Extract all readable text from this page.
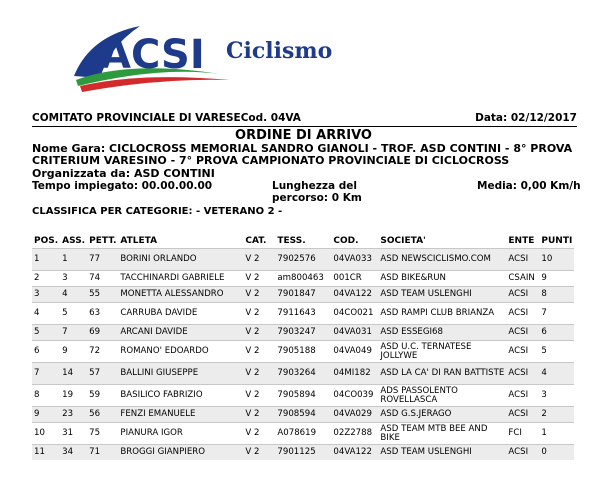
ACSI Ciclismo
COMITATO PROVINCIALE DI VARESECod. 04VA	Data: 02/12/2017
ORDINE DI ARRIVO
Nome Gara: CICLOCROSS MEMORIAL SANDRO GIANOLI - TROF. ASD CONTINI - 8° PROVA CRITERIUM VARESINO - 7° PROVA CAMPIONATO PROVINCIALE DI CICLOCROSS
Organizzata da: ASD CONTINI
Tempo impiegato: 00.00.00.00	Lunghezza del percorso: 0 Km
Media: 0,00 Km/h
CLASSIFICA PER CATEGORIE: - VETERANO 2 -
POS.	ASS.	PETT.	ATLETA	CAT.	TESS.	COD.	SOCIETA'	ENTE	PUNTI
1	1	77	BORINI ORLANDO	V 2	7902576	04VA033	ASD NEWSCICLISMO.COM	ACSI	10
2	3	74	TACCHINARDI GABRIELE	V 2	am800463	001CR	ASD BIKE&RUN	CSAIN	9
3	4	55	MONETTA ALESSANDRO	V 2	7901847	04VA122	ASD TEAM USLENGHI	ACSI	8
4	5	63	CARRUBA DAVIDE	V 2	7911643	04CO021	ASD RAMPI CLUB BRIANZA	ACSI	7
5	7	69	ARCANI DAVIDE	V 2	7903247	04VA031	ASD ESSEGI68	ACSI	6
6	9	72	ROMANO' EDOARDO	V 2	7905188	04VA049	ASD U.C. TERNATESE JOLLYWE	ACSI	5
7	14	57	BALLINI GIUSEPPE	V 2	7903264	04MI182	ASD LA CA' DI RAN BATTISTE	ACSI	4
8	19	59	BASILICO FABRIZIO	V 2	7905894	04CO039	ADS PASSOLENTO ROVELLASCA	ACSI	3
9	23	56	FENZI EMANUELE	V 2	7908594	04VA029	ASD G.S.JERAGO	ACSI	2
10	31	75	PIANURA IGOR	V 2	A078619	02Z2788	ASD TEAM MTB BEE AND BIKE	FCI	1
11	34	71	BROGGI GIANPIERO	V 2	7901125	04VA122	ASD TEAM USLENGHI	ACSI	0
